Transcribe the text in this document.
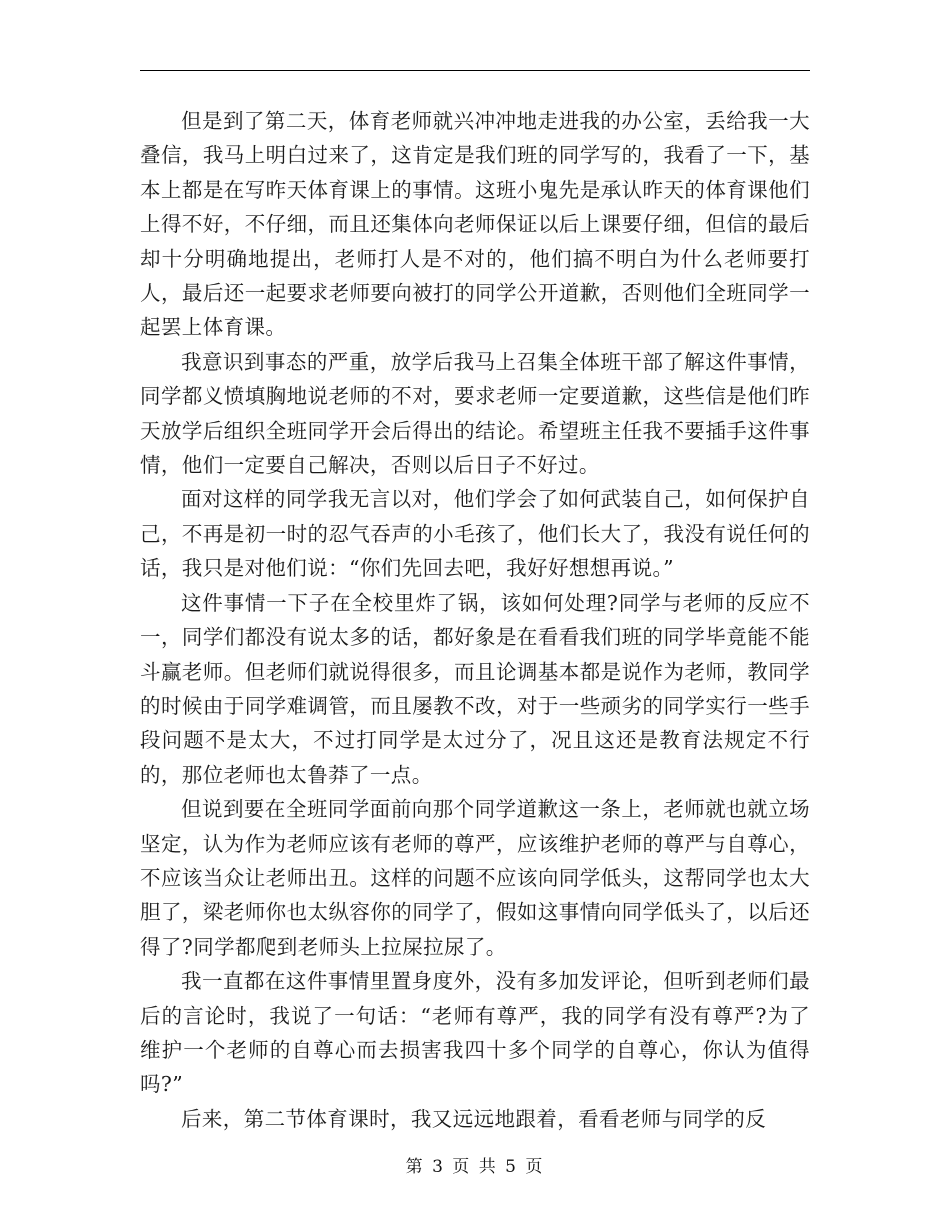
但是到了第二天，体育老师就兴冲冲地走进我的办公室，丢给我一大叠信，我马上明白过来了，这肯定是我们班的同学写的，我看了一下，基本上都是在写昨天体育课上的事情。这班小鬼先是承认昨天的体育课他们上得不好，不仔细，而且还集体向老师保证以后上课要仔细，但信的最后却十分明确地提出，老师打人是不对的，他们搞不明白为什么老师要打人，最后还一起要求老师要向被打的同学公开道歉，否则他们全班同学一起罢上体育课。

我意识到事态的严重，放学后我马上召集全体班干部了解这件事情，同学都义愤填胸地说老师的不对，要求老师一定要道歉，这些信是他们昨天放学后组织全班同学开会后得出的结论。希望班主任我不要插手这件事情，他们一定要自己解决，否则以后日子不好过。

面对这样的同学我无言以对，他们学会了如何武装自己，如何保护自己，不再是初一时的忍气吞声的小毛孩了，他们长大了，我没有说任何的话，我只是对他们说：“你们先回去吧，我好好想想再说。”

这件事情一下子在全校里炸了锅，该如何处理?同学与老师的反应不一，同学们都没有说太多的话，都好象是在看看我们班的同学毕竟能不能斗赢老师。但老师们就说得很多，而且论调基本都是说作为老师，教同学的时候由于同学难调管，而且屡教不改，对于一些顽劣的同学实行一些手段问题不是太大，不过打同学是太过分了，况且这还是教育法规定不行的，那位老师也太鲁莽了一点。

但说到要在全班同学面前向那个同学道歉这一条上，老师就也就立场坚定，认为作为老师应该有老师的尊严，应该维护老师的尊严与自尊心，不应该当众让老师出丑。这样的问题不应该向同学低头，这帮同学也太大胆了，梁老师你也太纵容你的同学了，假如这事情向同学低头了，以后还得了?同学都爬到老师头上拉屎拉尿了。

我一直都在这件事情里置身度外，没有多加发评论，但听到老师们最后的言论时，我说了一句话：“老师有尊严，我的同学有没有尊严?为了维护一个老师的自尊心而去损害我四十多个同学的自尊心，你认为值得吗?”

后来，第二节体育课时，我又远远地跟着，看看老师与同学的反

第 3 页 共 5 页
